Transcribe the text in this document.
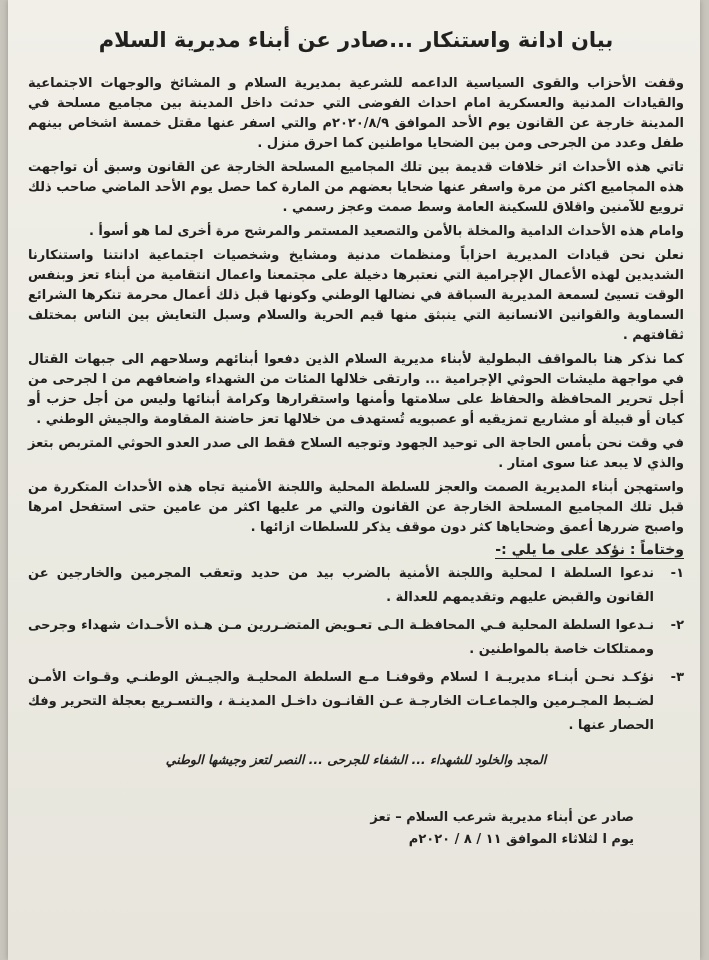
بيان ادانة واستنكار ...صادر عن أبناء مديرية السلام

وقفت الأحزاب والقوى السياسية الداعمه للشرعية بمديرية السلام و المشائخ والوجهات الاجتماعية والقيادات المدنية والعسكرية امام احداث الفوضى التي حدثت داخل المدينة بين مجاميع مسلحة في المدينة خارجة عن القانون يوم الأحد الموافق ٢٠٢٠/٨/٩م والتي اسفر عنها مقتل خمسة اشخاص بينهم طفل وعدد من الجرحى ومن بين الضحايا مواطنين كما احرق منزل .

تاتي هذه الأحداث اثر خلافات قديمة بين تلك المجاميع المسلحة الخارجة عن القانون وسبق أن تواجهت هذه المجاميع اكثر من مرة واسفر عنها ضحايا بعضهم من المارة كما حصل يوم الأحد الماضي صاحب ذلك ترويع للآمنين واقلاق للسكينة العامة وسط صمت وعجز رسمي .

وامام هذه الأحداث الدامية والمخلة بالأمن والتصعيد المستمر والمرشح مرة أخرى لما هو أسوأ .

نعلن نحن قيادات المديرية احزاباً ومنظمات مدنية ومشايخ وشخصيات اجتماعية ادانتنا واستنكارنا الشديدين لهذه الأعمال الإجرامية التي نعتبرها دخيلة على مجتمعنا واعمال انتقامية من أبناء تعز وبنفس الوقت تسيئ لسمعة المديرية السباقة في نضالها الوطني وكونها قبل ذلك أعمال محرمة تنكرها الشرائع السماوية والقوانين الانسانية التي ينبثق منها قيم الحرية والسلام وسبل التعايش بين الناس بمختلف ثقافتهم .

كما نذكر هنا بالمواقف البطولية لأبناء مديرية السلام الذين دفعوا أبنائهم وسلاحهم الى جبهات القتال في مواجهة مليشات الحوثي الإجرامية ... وارتقى خلالها المئات من الشهداء واضعافهم من ا لجرحى من أجل تحرير المحافظة والحفاظ على سلامتها وأمنها واستقرارها وكرامة أبنائها وليس من أجل حزب أو كيان أو قبيلة أو مشاريع تمزيقيه أو عصبويه تُستهدف من خلالها تعز حاضنة المقاومة والجيش الوطني .

في وقت نحن بأمس الحاجة الى توحيد الجهود وتوجيه السلاح فقط الى صدر العدو الحوثي المتربص بتعز والذي لا يبعد عنا سوى امتار .

واستهجن أبناء المديرية الصمت والعجز للسلطة المحلية واللجنة الأمنية تجاه هذه الأحداث المتكررة من قبل تلك المجاميع المسلحة الخارجة عن القانون والتي مر عليها اكثر من عامين حتى استفحل امرها واصبح ضررها أعمق وضحاياها كثر دون موقف يذكر للسلطات ازائها .

وختاماً : نؤكد على ما يلي :-
١-
ندعوا السلطة ا لمحلية واللجنة الأمنية بالضرب بيد من حديد وتعقب المجرمين والخارجين عن القانون والقبض عليهم وتقديمهم للعدالة .
٢-
نـدعوا السلطة المحلية فـي المحافظـة الـى تعـويض المتضـررين مـن هـذه الأحـداث شهداء وجرحى وممتلكات خاصة بالمواطنين .
٣-
نؤكـد نحـن أبنـاء مديريـة ا لسلام وقوفنـا مـع السلطة المحليـة والجيـش الوطنـي وقـوات الأمـن لضـبط المجـرمين والجماعـات الخارجـة عـن القانـون داخـل المدينـة ، والتسـريع بعجلة التحرير وفك الحصار عنها .
المجد والخلود للشهداء ... الشفاء للجرحى ... النصر لتعز وجيشها الوطني
صادر عن أبناء مديرية شرعب السلام – تعز
يوم ا لثلاثاء الموافق ١١ / ٨ / ٢٠٢٠م
